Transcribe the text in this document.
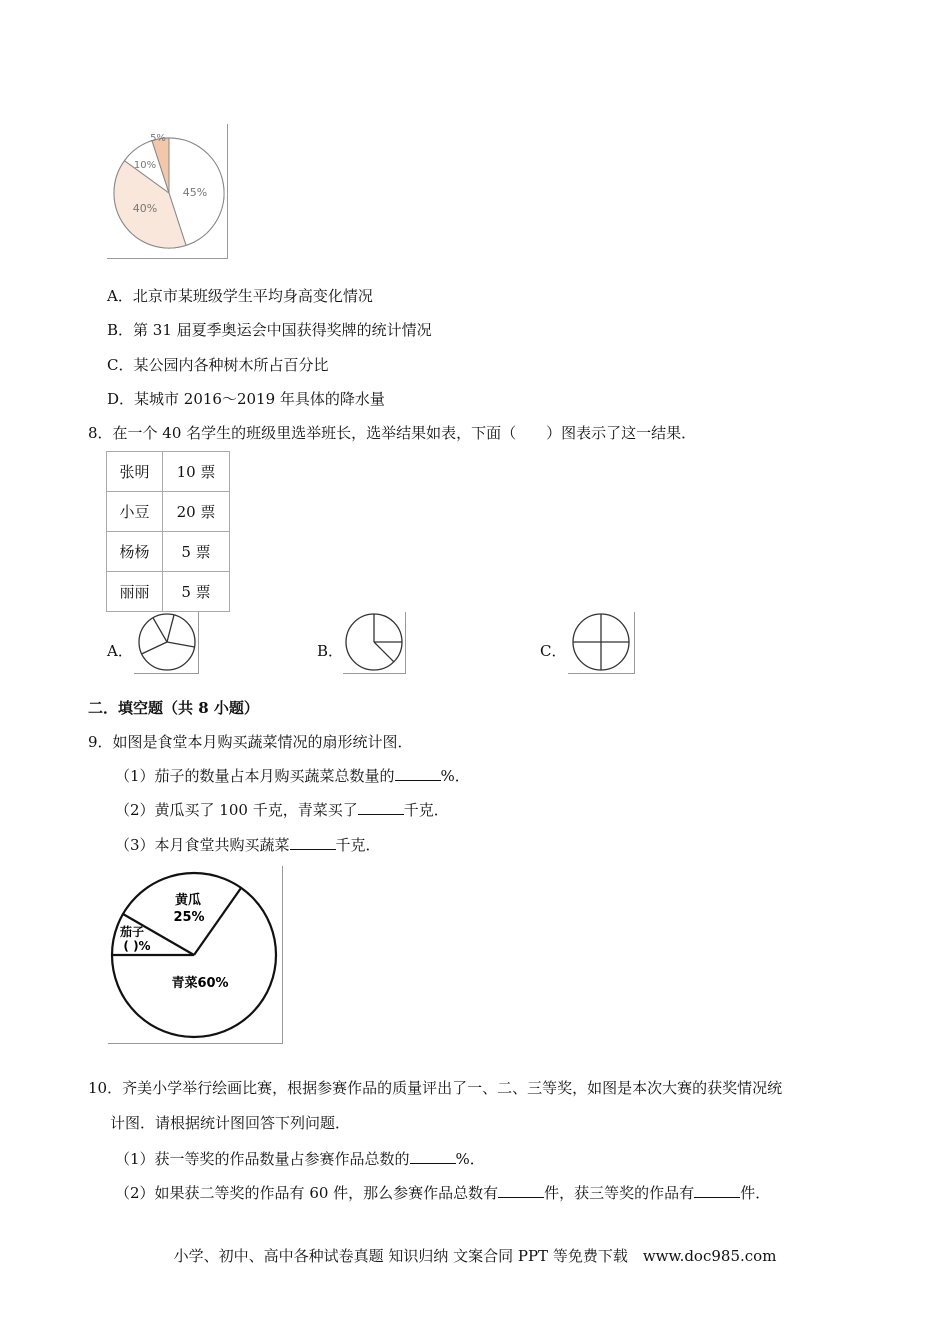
45%
40%
10%
5%
A．北京市某班级学生平均身高变化情况
B．第 31 届夏季奥运会中国获得奖牌的统计情况
C．某公园内各种树木所占百分比
D．某城市 2016～2019 年具体的降水量
8．在一个 40 名学生的班级里选举班长，选举结果如表，下面（　　）图表示了这一结果．
张明	10 票
小豆	20 票
杨杨	5 票
丽丽	5 票
A．	B．	C．
二．填空题（共 8 小题）
9．如图是食堂本月购买蔬菜情况的扇形统计图．
（1）茄子的数量占本月购买蔬菜总数量的	%．
（2）黄瓜买了 100 千克，青菜买了	千克．
（3）本月食堂共购买蔬菜	千克．
黄瓜
25%
茄子
( )%
青菜60%
10．齐美小学举行绘画比赛，根据参赛作品的质量评出了一、二、三等奖，如图是本次大赛的获奖情况统
计图．请根据统计图回答下列问题．
（1）获一等奖的作品数量占参赛作品总数的	%．
（2）如果获二等奖的作品有 60 件，那么参赛作品总数有	件，获三等奖的作品有	件．
小学、初中、高中各种试卷真题 知识归纳 文案合同 PPT 等免费下载　www.doc985.com
